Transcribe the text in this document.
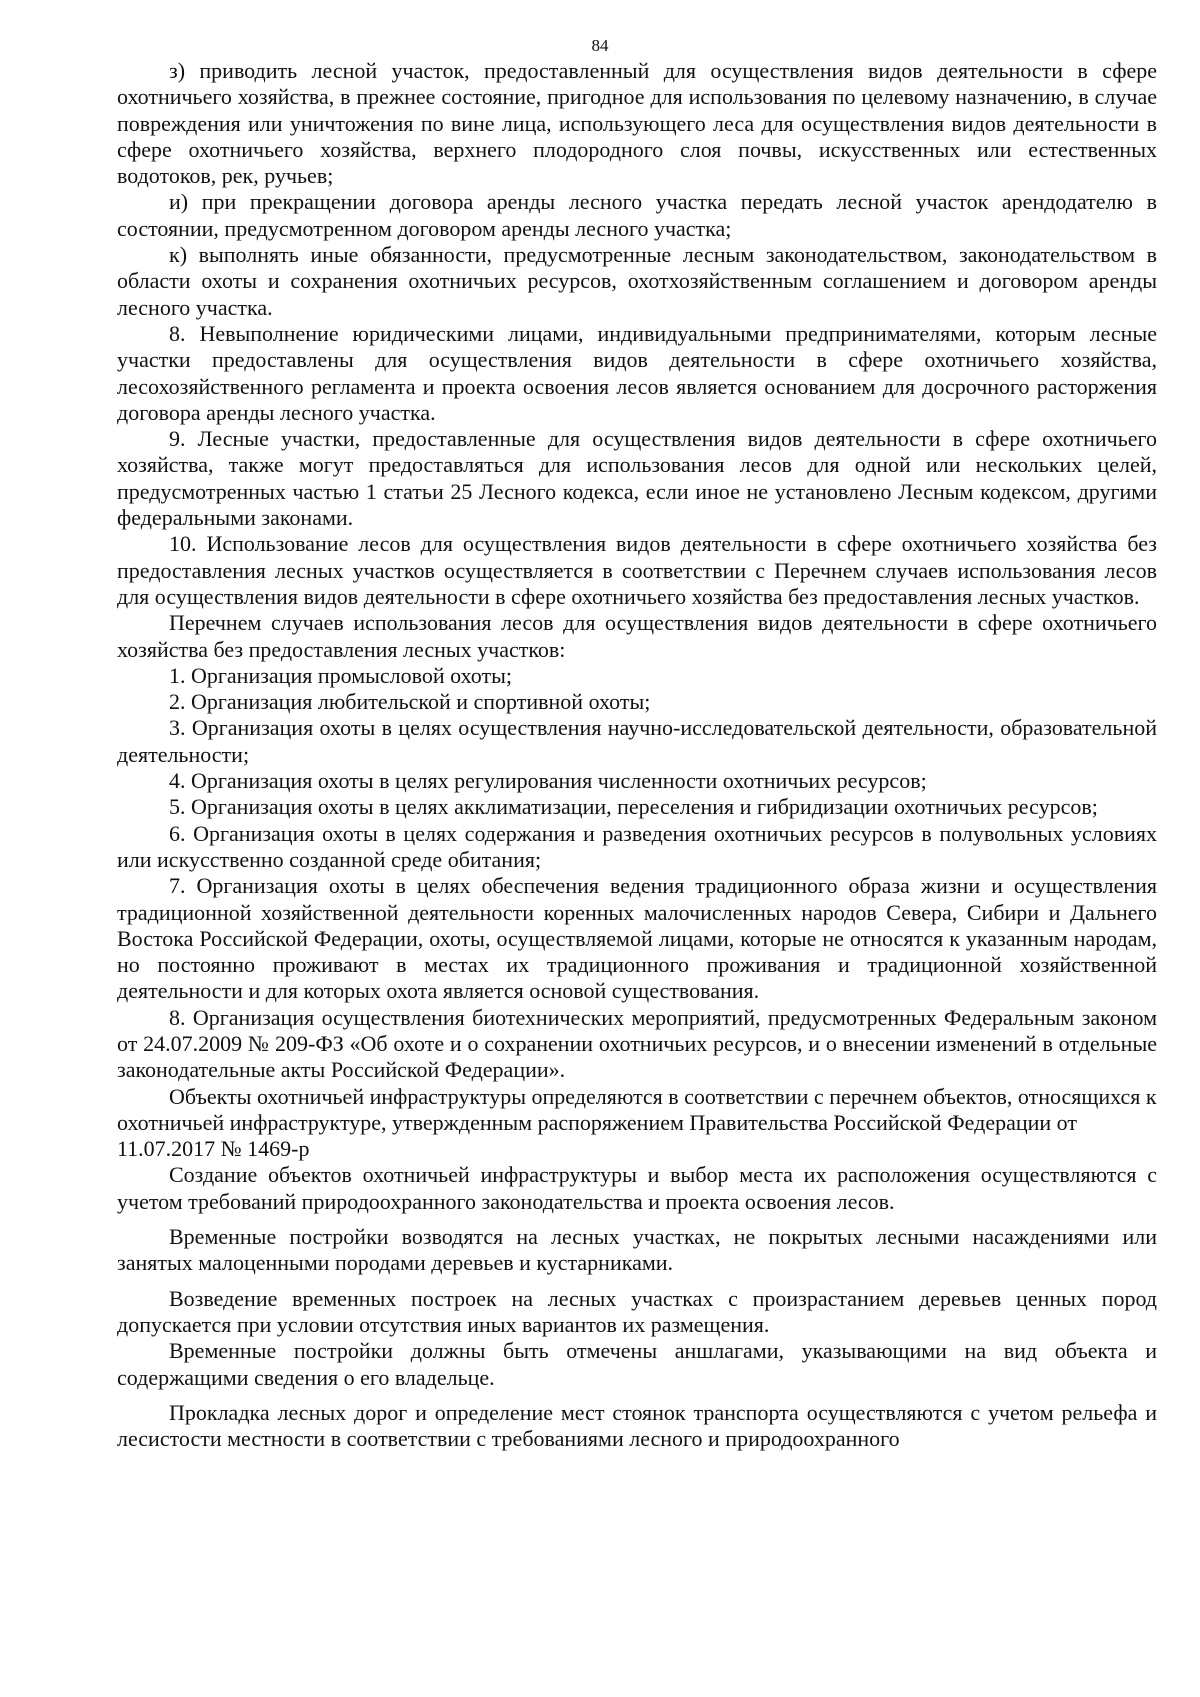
84

з) приводить лесной участок, предоставленный для осуществления видов деятельности в сфере охотничьего хозяйства, в прежнее состояние, пригодное для использования по целевому назначению, в случае повреждения или уничтожения по вине лица, использующего леса для осуществления видов деятельности в сфере охотничьего хозяйства, верхнего плодородного слоя почвы, искусственных или естественных водотоков, рек, ручьев;

и) при прекращении договора аренды лесного участка передать лесной участок арендодателю в состоянии, предусмотренном договором аренды лесного участка;

к) выполнять иные обязанности, предусмотренные лесным законодательством, законодательством в области охоты и сохранения охотничьих ресурсов, охотхозяйственным соглашением и договором аренды лесного участка.

8. Невыполнение юридическими лицами, индивидуальными предпринимателями, которым лесные участки предоставлены для осуществления видов деятельности в сфере охотничьего хозяйства, лесохозяйственного регламента и проекта освоения лесов является основанием для досрочного расторжения договора аренды лесного участка.

9. Лесные участки, предоставленные для осуществления видов деятельности в сфере охотничьего хозяйства, также могут предоставляться для использования лесов для одной или нескольких целей, предусмотренных частью 1 статьи 25 Лесного кодекса, если иное не установлено Лесным кодексом, другими федеральными законами.

10. Использование лесов для осуществления видов деятельности в сфере охотничьего хозяйства без предоставления лесных участков осуществляется в соответствии с Перечнем случаев использования лесов для осуществления видов деятельности в сфере охотничьего хозяйства без предоставления лесных участков.

Перечнем случаев использования лесов для осуществления видов деятельности в сфере охотничьего хозяйства без предоставления лесных участков:

1. Организация промысловой охоты;

2. Организация любительской и спортивной охоты;

3. Организация охоты в целях осуществления научно-исследовательской деятельности, образовательной деятельности;

4. Организация охоты в целях регулирования численности охотничьих ресурсов;

5. Организация охоты в целях акклиматизации, переселения и гибридизации охотничьих ресурсов;

6. Организация охоты в целях содержания и разведения охотничьих ресурсов в полувольных условиях или искусственно созданной среде обитания;

7. Организация охоты в целях обеспечения ведения традиционного образа жизни и осуществления традиционной хозяйственной деятельности коренных малочисленных народов Севера, Сибири и Дальнего Востока Российской Федерации, охоты, осуществляемой лицами, которые не относятся к указанным народам, но постоянно проживают в местах их традиционного проживания и традиционной хозяйственной деятельности и для которых охота является основой существования.

8. Организация осуществления биотехнических мероприятий, предусмотренных Федеральным законом от 24.07.2009 № 209-ФЗ «Об охоте и о сохранении охотничьих ресурсов, и о внесении изменений в отдельные законодательные акты Российской Федерации».

Объекты охотничьей инфраструктуры определяются в соответствии с перечнем объектов, относящихся к охотничьей инфраструктуре, утвержденным распоряжением Правительства Российской Федерации от 11.07.2017 № 1469-р

Создание объектов охотничьей инфраструктуры и выбор места их расположения осуществляются с учетом требований природоохранного законодательства и проекта освоения лесов.

Временные постройки возводятся на лесных участках, не покрытых лесными насаждениями или занятых малоценными породами деревьев и кустарниками.

Возведение временных построек на лесных участках с произрастанием деревьев ценных пород допускается при условии отсутствия иных вариантов их размещения.

Временные постройки должны быть отмечены аншлагами, указывающими на вид объекта и содержащими сведения о его владельце.

Прокладка лесных дорог и определение мест стоянок транспорта осуществляются с учетом рельефа и лесистости местности в соответствии с требованиями лесного и природоохранного
